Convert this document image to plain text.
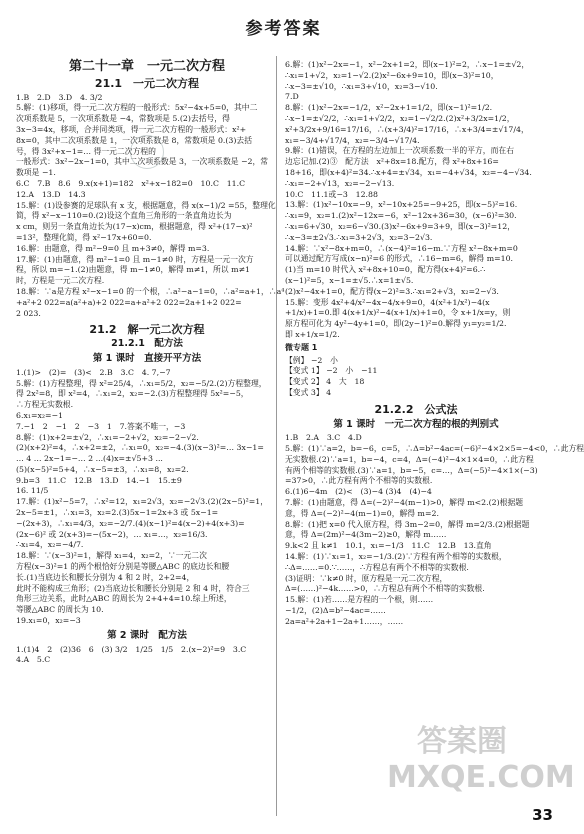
参考答案
第二十一章　一元二次方程
21.1　一元二次方程
1.B　2.D　3.D　4. 3/2
5.解：(1)移项，得一元二次方程的一般形式：5x²−4x+5=0，其中二
次项系数是 5，一次项系数是 −4，常数项是 5.(2)去括号，得
3x−3=4x，移项，合并同类项，得一元二次方程的一般形式：x²+
8x=0，其中二次项系数是 1，一次项系数是 8，常数项是 0.(3)去括
号，得 3x²+x−1=… 得一元二次方程的
一般形式：3x²−2x−1=0，其中二次项系数是 3，一次项系数是 −2，常
数项是 −1.
6.C　7.B　8.6　9.x(x+1)=182　x²+x−182=0　10.C　11.C
12.A　13.D　14.3
15.解：(1)设参赛的足球队有 x 支，根据题意，得 x(x−1)/2 =55，整理化
简，得 x²−x−110=0.(2)设这个直角三角形的一条直角边长为
x cm，则另一条直角边长为(17−x)cm，根据题意，得 x²+(17−x)²
=13²，整理化简，得 x²−17x+60=0.
16.解：由题意，得 m²−9=0 且 m+3≠0，解得 m=3.
17.解：(1)由题意，得 m²−1=0 且 m−1≠0 时，方程是一元一次方
程，所以 m=−1.(2)由题意，得 m−1≠0，解得 m≠1，所以 m≠1
时，方程是一元二次方程.
18.解：∵a是方程 x²−x−1=0 的一个根，∴a²−a−1=0，∴a²=a+1，∴a⁴
+a²+2 022=a(a²+a)+2 022=a+a²+2 022=2a+1+2 022=
2 023.
21.2　解一元二次方程
21.2.1　配方法
第 1 课时　直接开平方法
1.(1)>　(2)=　(3)<　2.B　3.C　4. 7,−7
5.解：(1)方程整理，得 x²=25/4，∴x₁=5/2，x₂=−5/2.(2)方程整理，
得 2x²=8，即 x²=4，∴x₁=2，x₂=−2.(3)方程整理得 5x²=−5，
∴方程无实数根.
6.x₁=x₂=−1
7.−1　2　−1　2　−3　1　7.答案不唯一，−3
8.解：(1)x+2=±√2，∴x₁=−2+√2，x₂=−2−√2.
(2)(x+2)²=4，∴x+2=±2，∴x₁=0，x₂=−4.(3)(x−3)²=… 3x−1=
… 4 … 2x−1=−… 2 ...(4)x=±√5+3 ...
(5)(x−5)²=5+4，∴x−5=±3，∴x₁=8，x₂=2.
9.b=3　11.C　12.B　13.D　14.−1　15.±9
16. 11/5
17.解：(1)x²−5=7，∴x²=12，x₁=2√3，x₂=−2√3.(2)(2x−5)²=1，
2x−5=±1，∴x₁=3，x₂=2.(3)5x−1=2x+3 或 5x−1=
−(2x+3)，∴x₁=4/3，x₂=−2/7.(4)(x−1)²=4(x−2)+4(x+3)=
(2x−6)² 或 2(x+3)=−(5x−2)，… x₁=…，x₂=16/3.
∴x₁=4，x₂=−4/7.
18.解：∵(x−3)²=1，解得 x₁=4，x₂=2，∵一元二次
方程(x−3)²=1 的两个根恰好分别是等腰△ABC 的底边长和腰
长.(1)当底边长和腰长分别为 4 和 2 时，2+2=4，
此时不能构成三角形；(2)当底边长和腰长分别是 2 和 4 时，符合三
角形三边关系，此时△ABC 的周长为 2+4+4=10.综上所述，
等腰△ABC 的周长为 10.
19.x₁=0，x₂=−3
第 2 课时　配方法
1.(1)4　2　(2)36　6　(3) 3/2　1/25　1/5　2.(x−2)²=9　3.C
4.A　5.C
6.解：(1)x²−2x=−1，x²−2x+1=2，即(x−1)²=2，∴x−1=±√2，
∴x₁=1+√2，x₂=1−√2.(2)x²−6x+9=10，即(x−3)²=10，
∴x−3=±√10，∴x₁=3+√10，x₂=3−√10.
7.D
8.解：(1)x²−2x=−1/2，x²−2x+1=1/2，即(x−1)²=1/2.
∴x−1=±√2/2，∴x₁=1+√2/2，x₂=1−√2/2.(2)x²+3/2x=1/2，
x²+3/2x+9/16=17/16，∴(x+3/4)²=17/16，∴x+3/4=±√17/4，
x₁=−3/4+√17/4，x₂=−3/4−√17/4.
9.解：(1)错误，在方程的左边加上一次项系数一半的平方，而在右
边忘记加.(2)③　配方法　x²+8x=18.配方，得 x²+8x+16=
18+16，即(x+4)²=34.∴x+4=±√34，x₁=−4+√34，x₂=−4−√34.
∴x₁=−2+√13，x₂=−2−√13.
10.C　11.1或−3　12.88
13.解：(1)x²−10x=−9，x²−10x+25=−9+25，即(x−5)²=16.
∴x₁=9，x₂=1.(2)x²−12x=−6，x²−12x+36=30，(x−6)²=30.
∴x₁=6+√30，x₂=6−√30.(3)x²−6x+9=3+9，即(x−3)²=12，
∴x−3=±2√3.∴x₁=3+2√3，x₂=3−2√3.
14.解：∵x²−8x+m=0，∴(x−4)²=16−m.∵方程 x²−8x+m=0
可以通过配方写成(x−n)²=6 的形式，∴16−m=6，解得 m=10.
(1)当 m=10 时代入 x²+8x+10=0，配方得(x+4)²=6.∴
(x−1)²=5，x−1=±√5.∴x=1±√5.
(2)x²−4x+1=0，配方得(x−2)²=3.∴x₁=2+√3，x₂=2−√3.
15.解：变形 4x²+4/x²−4x−4/x+9=0，4(x²+1/x²)−4(x
+1/x)+1=0.即 4(x+1/x)²−4(x+1/x)+1=0，令 x+1/x=y，则
原方程可化为 4y²−4y+1=0，即(2y−1)²=0.解得 y₁=y₂=1/2.
即 x+1/x=1/2.
微专题 1
【例】 −2　小
【变式 1】 −2　小　−11
【变式 2】 4　大　18
【变式 3】 4
21.2.2　公式法
第 1 课时　一元二次方程的根的判别式
1.B　2.A　3.C　4.D
5.解：(1)∵a=2，b=−6，c=5，∴Δ=b²−4ac=(−6)²−4×2×5=−4<0，∴此方程
无实数根.(2)∵a=1，b=−4，c=4，Δ=(−4)²−4×1×4=0，∴此方程
有两个相等的实数根.(3)∵a=1，b=−5，c=…，Δ=(−5)²−4×1×(−3)
=37>0，∴此方程有两个不相等的实数根.
6.(1)6−4m　(2)<　(3)−4 (3)4　(4)−4
7.解：(1)由题意，得 Δ=(−2)²−4(m−1)>0，解得 m<2.(2)根据题
意，得 Δ=(−2)²−4(m−1)=0，解得 m=2.
8.解：(1)把 x=0 代入原方程，得 3m−2=0，解得 m=2/3.(2)根据题
意，得 Δ=(2m)²−4(3m−2)≥0，解得 m……
9.k<2 且 k≠1　10.1，x₁=−1/3　11.C　12.B　13.直角
14.解：(1)∵x₁=1，x₂=−1/3.(2)∵方程有两个相等的实数根，
∴Δ=……=0.∵……，∴方程总有两个不相等的实数根.
(3)证明：∵k≠0 时，原方程是一元二次方程，
Δ=(……)²−4k……>0，∴方程总有两个不相等的实数根.
15.解：(1)若……是方程的一个根，则……
−1/2，(2)Δ=b²−4ac=……
2a=a²+2a+1−2a+1……，……
答案圈 MXQE.COM
33
